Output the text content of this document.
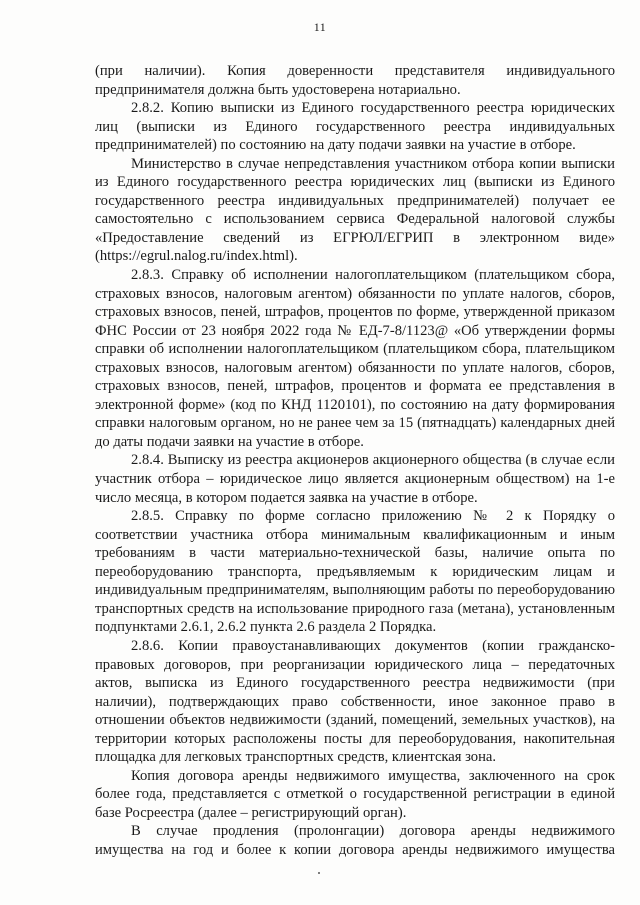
11

(при наличии). Копия доверенности представителя индивидуального предпринимателя должна быть удостоверена нотариально.

2.8.2. Копию выписки из Единого государственного реестра юридических лиц (выписки из Единого государственного реестра индивидуальных предпринимателей) по состоянию на дату подачи заявки на участие в отборе.

Министерство в случае непредставления участником отбора копии выписки из Единого государственного реестра юридических лиц (выписки из Единого государственного реестра индивидуальных предпринимателей) получает ее самостоятельно с использованием сервиса Федеральной налоговой службы «Предоставление сведений из ЕГРЮЛ/ЕГРИП в электронном виде» (https://egrul.nalog.ru/index.html).

2.8.3. Справку об исполнении налогоплательщиком (плательщиком сбора, страховых взносов, налоговым агентом) обязанности по уплате налогов, сборов, страховых взносов, пеней, штрафов, процентов по форме, утвержденной приказом ФНС России от 23 ноября 2022 года № ЕД-7-8/1123@ «Об утверждении формы справки об исполнении налогоплательщиком (плательщиком сбора, плательщиком страховых взносов, налоговым агентом) обязанности по уплате налогов, сборов, страховых взносов, пеней, штрафов, процентов и формата ее представления в электронной форме» (код по КНД 1120101), по состоянию на дату формирования справки налоговым органом, но не ранее чем за 15 (пятнадцать) календарных дней до даты подачи заявки на участие в отборе.

2.8.4. Выписку из реестра акционеров акционерного общества (в случае если участник отбора – юридическое лицо является акционерным обществом) на 1-е число месяца, в котором подается заявка на участие в отборе.

2.8.5. Справку по форме согласно приложению № 2 к Порядку о соответствии участника отбора минимальным квалификационным и иным требованиям в части материально-технической базы, наличие опыта по переоборудованию транспорта, предъявляемым к юридическим лицам и индивидуальным предпринимателям, выполняющим работы по переоборудованию транспортных средств на использование природного газа (метана), установленным подпунктами 2.6.1, 2.6.2 пункта 2.6 раздела 2 Порядка.

2.8.6. Копии правоустанавливающих документов (копии гражданско-правовых договоров, при реорганизации юридического лица – передаточных актов, выписка из Единого государственного реестра недвижимости (при наличии), подтверждающих право собственности, иное законное право в отношении объектов недвижимости (зданий, помещений, земельных участков), на территории которых расположены посты для переоборудования, накопительная площадка для легковых транспортных средств, клиентская зона.

Копия договора аренды недвижимого имущества, заключенного на срок более года, представляется с отметкой о государственной регистрации в единой базе Росреестра (далее – регистрирующий орган).

В случае продления (пролонгации) договора аренды недвижимого имущества на год и более к копии договора аренды недвижимого имущества
